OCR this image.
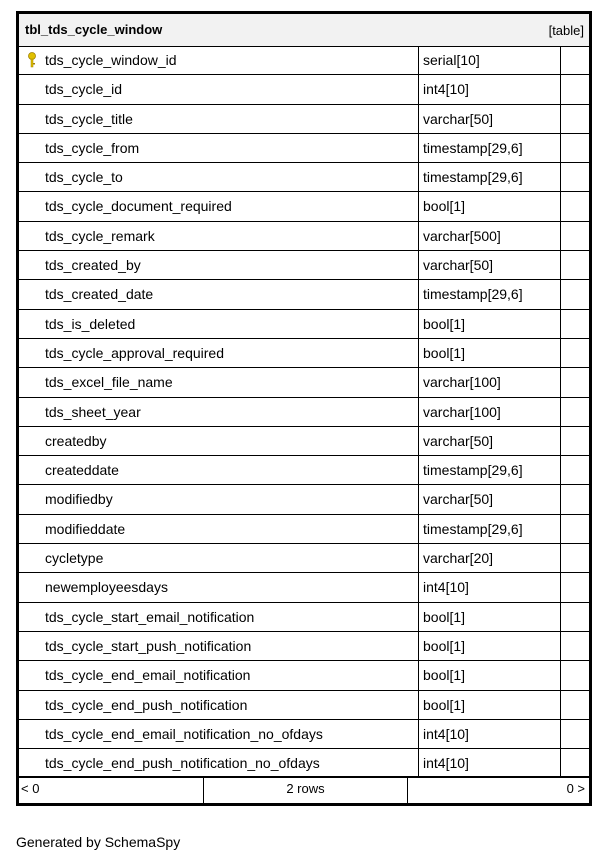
tbl_tds_cycle_window	[table]
tds_cycle_window_id	serial[10]
tds_cycle_id	int4[10]
tds_cycle_title	varchar[50]
tds_cycle_from	timestamp[29,6]
tds_cycle_to	timestamp[29,6]
tds_cycle_document_required	bool[1]
tds_cycle_remark	varchar[500]
tds_created_by	varchar[50]
tds_created_date	timestamp[29,6]
tds_is_deleted	bool[1]
tds_cycle_approval_required	bool[1]
tds_excel_file_name	varchar[100]
tds_sheet_year	varchar[100]
createdby	varchar[50]
createddate	timestamp[29,6]
modifiedby	varchar[50]
modifieddate	timestamp[29,6]
cycletype	varchar[20]
newemployeesdays	int4[10]
tds_cycle_start_email_notification	bool[1]
tds_cycle_start_push_notification	bool[1]
tds_cycle_end_email_notification	bool[1]
tds_cycle_end_push_notification	bool[1]
tds_cycle_end_email_notification_no_ofdays	int4[10]
tds_cycle_end_push_notification_no_ofdays	int4[10]
< 0	2 rows	0 >
Generated by SchemaSpy
